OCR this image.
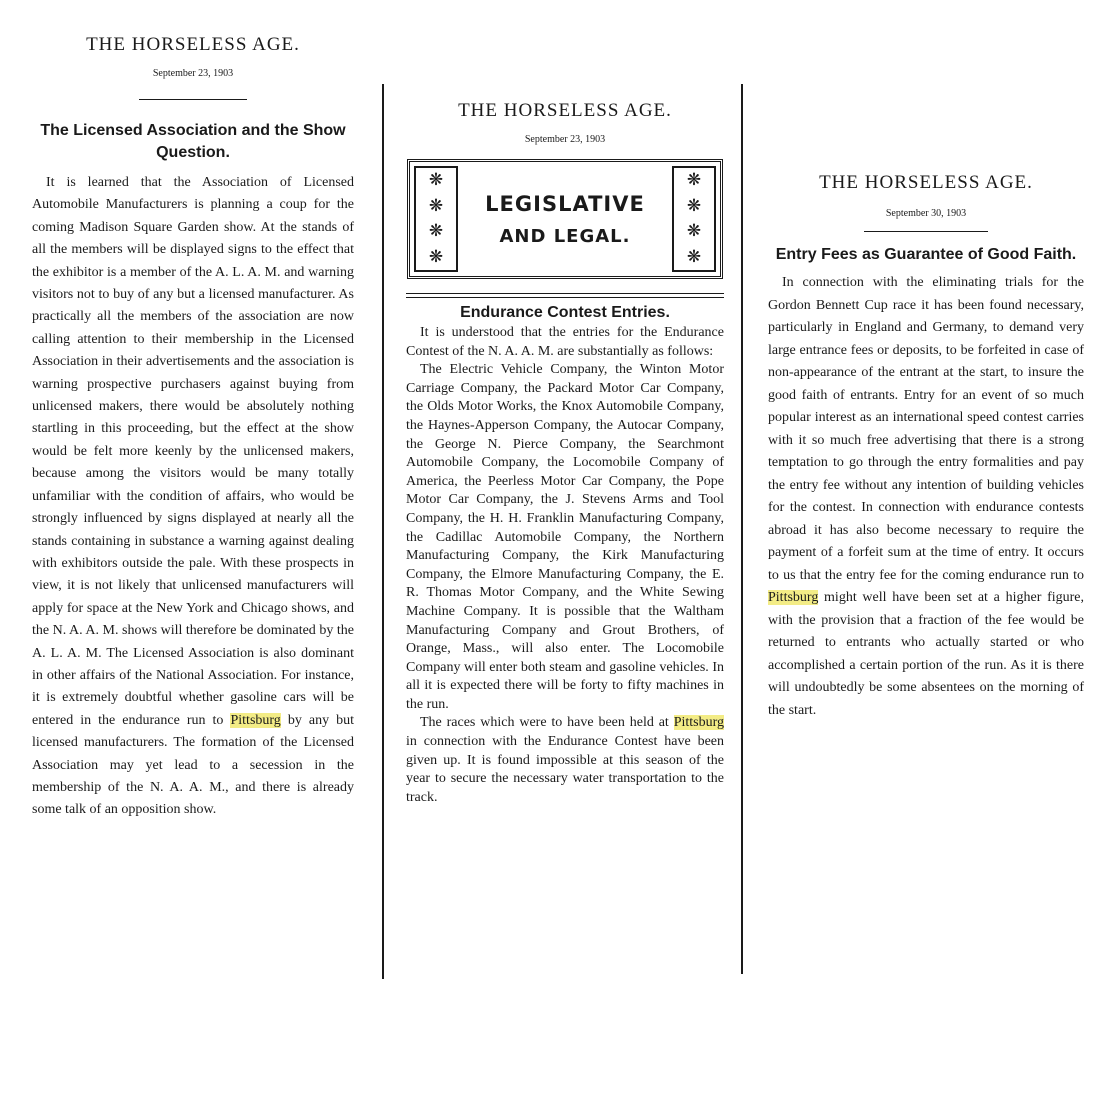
THE HORSELESS AGE.
September 23, 1903
The Licensed Association and the Show Question.

It is learned that the Association of Licensed Automobile Manufacturers is planning a coup for the coming Madison Square Garden show. At the stands of all the members will be displayed signs to the effect that the exhibitor is a member of the A. L. A. M. and warning visitors not to buy of any but a licensed manufacturer. As practically all the members of the association are now calling attention to their membership in the Licensed Association in their advertisements and the association is warning prospective purchasers against buying from unlicensed makers, there would be absolutely nothing startling in this proceeding, but the effect at the show would be felt more keenly by the unlicensed makers, because among the visitors would be many totally unfamiliar with the condition of affairs, who would be strongly influenced by signs displayed at nearly all the stands containing in substance a warning against dealing with exhibitors outside the pale. With these prospects in view, it is not likely that unlicensed manufacturers will apply for space at the New York and Chicago shows, and the N. A. A. M. shows will therefore be dominated by the A. L. A. M. The Licensed Association is also dominant in other affairs of the National Association. For instance, it is extremely doubtful whether gasoline cars will be entered in the endurance run to Pittsburg by any but licensed manufacturers. The formation of the Licensed Association may yet lead to a secession in the membership of the N. A. A. M., and there is already some talk of an opposition show.

THE HORSELESS AGE.
September 23, 1903
❋
❋
❋
❋
LEGISLATIVE
AND LEGAL.
❋
❋
❋
❋
Endurance Contest Entries.

It is understood that the entries for the Endurance Contest of the N. A. A. M. are substantially as follows:

The Electric Vehicle Company, the Winton Motor Carriage Company, the Packard Motor Car Company, the Olds Motor Works, the Knox Automobile Company, the Haynes-Apperson Company, the Autocar Company, the George N. Pierce Company, the Searchmont Automobile Company, the Locomobile Company of America, the Peerless Motor Car Company, the Pope Motor Car Company, the J. Stevens Arms and Tool Company, the H. H. Franklin Manufacturing Company, the Cadillac Automobile Company, the Northern Manufacturing Company, the Kirk Manufacturing Company, the Elmore Manufacturing Company, the E. R. Thomas Motor Company, and the White Sewing Machine Company. It is possible that the Waltham Manufacturing Company and Grout Brothers, of Orange, Mass., will also enter. The Locomobile Company will enter both steam and gasoline vehicles. In all it is expected there will be forty to fifty machines in the run.

The races which were to have been held at Pittsburg in connection with the Endurance Contest have been given up. It is found impossible at this season of the year to secure the necessary water transportation to the track.

THE HORSELESS AGE.
September 30, 1903
Entry Fees as Guarantee of Good Faith.

In connection with the eliminating trials for the Gordon Bennett Cup race it has been found necessary, particularly in England and Germany, to demand very large entrance fees or deposits, to be forfeited in case of non-appearance of the entrant at the start, to insure the good faith of entrants. Entry for an event of so much popular interest as an international speed contest carries with it so much free advertising that there is a strong temptation to go through the entry formalities and pay the entry fee without any intention of building vehicles for the contest. In connection with endurance contests abroad it has also become necessary to require the payment of a forfeit sum at the time of entry. It occurs to us that the entry fee for the coming endurance run to Pittsburg might well have been set at a higher figure, with the provision that a fraction of the fee would be returned to entrants who actually started or who accomplished a certain portion of the run. As it is there will undoubtedly be some absentees on the morning of the start.
